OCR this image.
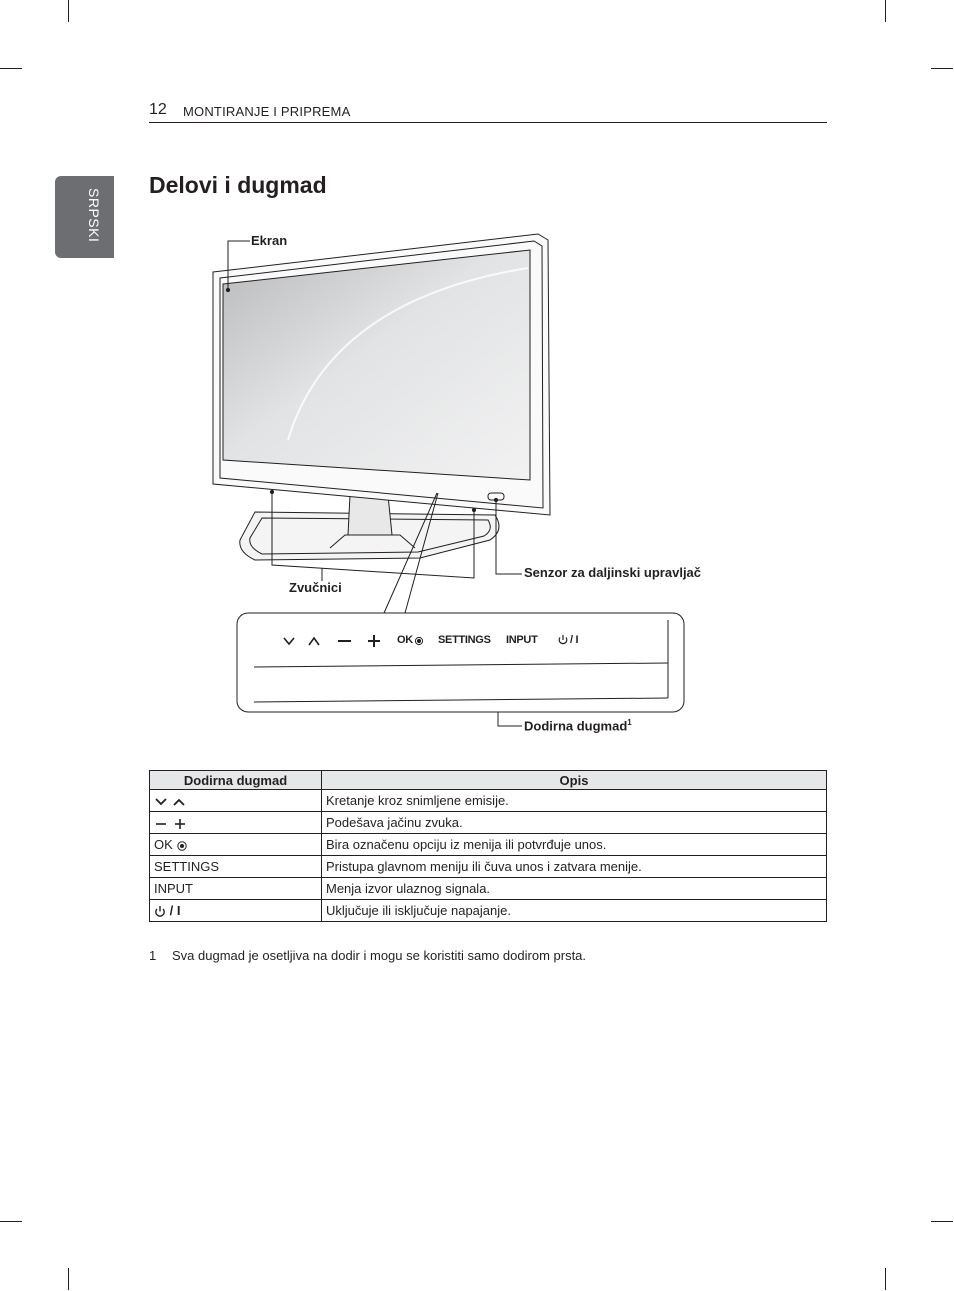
12 MONTIRANJE I PRIPREMA
SRPSKI
Delovi i dugmad
Ekran
Zvučnici
Senzor za daljinski upravljač
Dodirna dugmad$^1$
OK SETTINGS INPUT	/ I
Dodirna dugmad	Opis
	Kretanje kroz snimljene emisije.
	Podešava jačinu zvuka.
OK	Bira označenu opciju iz menija ili potvrđuje unos.
SETTINGS	Pristupa glavnom meniju ili čuva unos i zatvara menije.
INPUT	Menja izvor ulaznog signala.
/ I	Uključuje ili isključuje napajanje.
1 Sva dugmad je osetljiva na dodir i mogu se koristiti samo dodirom prsta.
